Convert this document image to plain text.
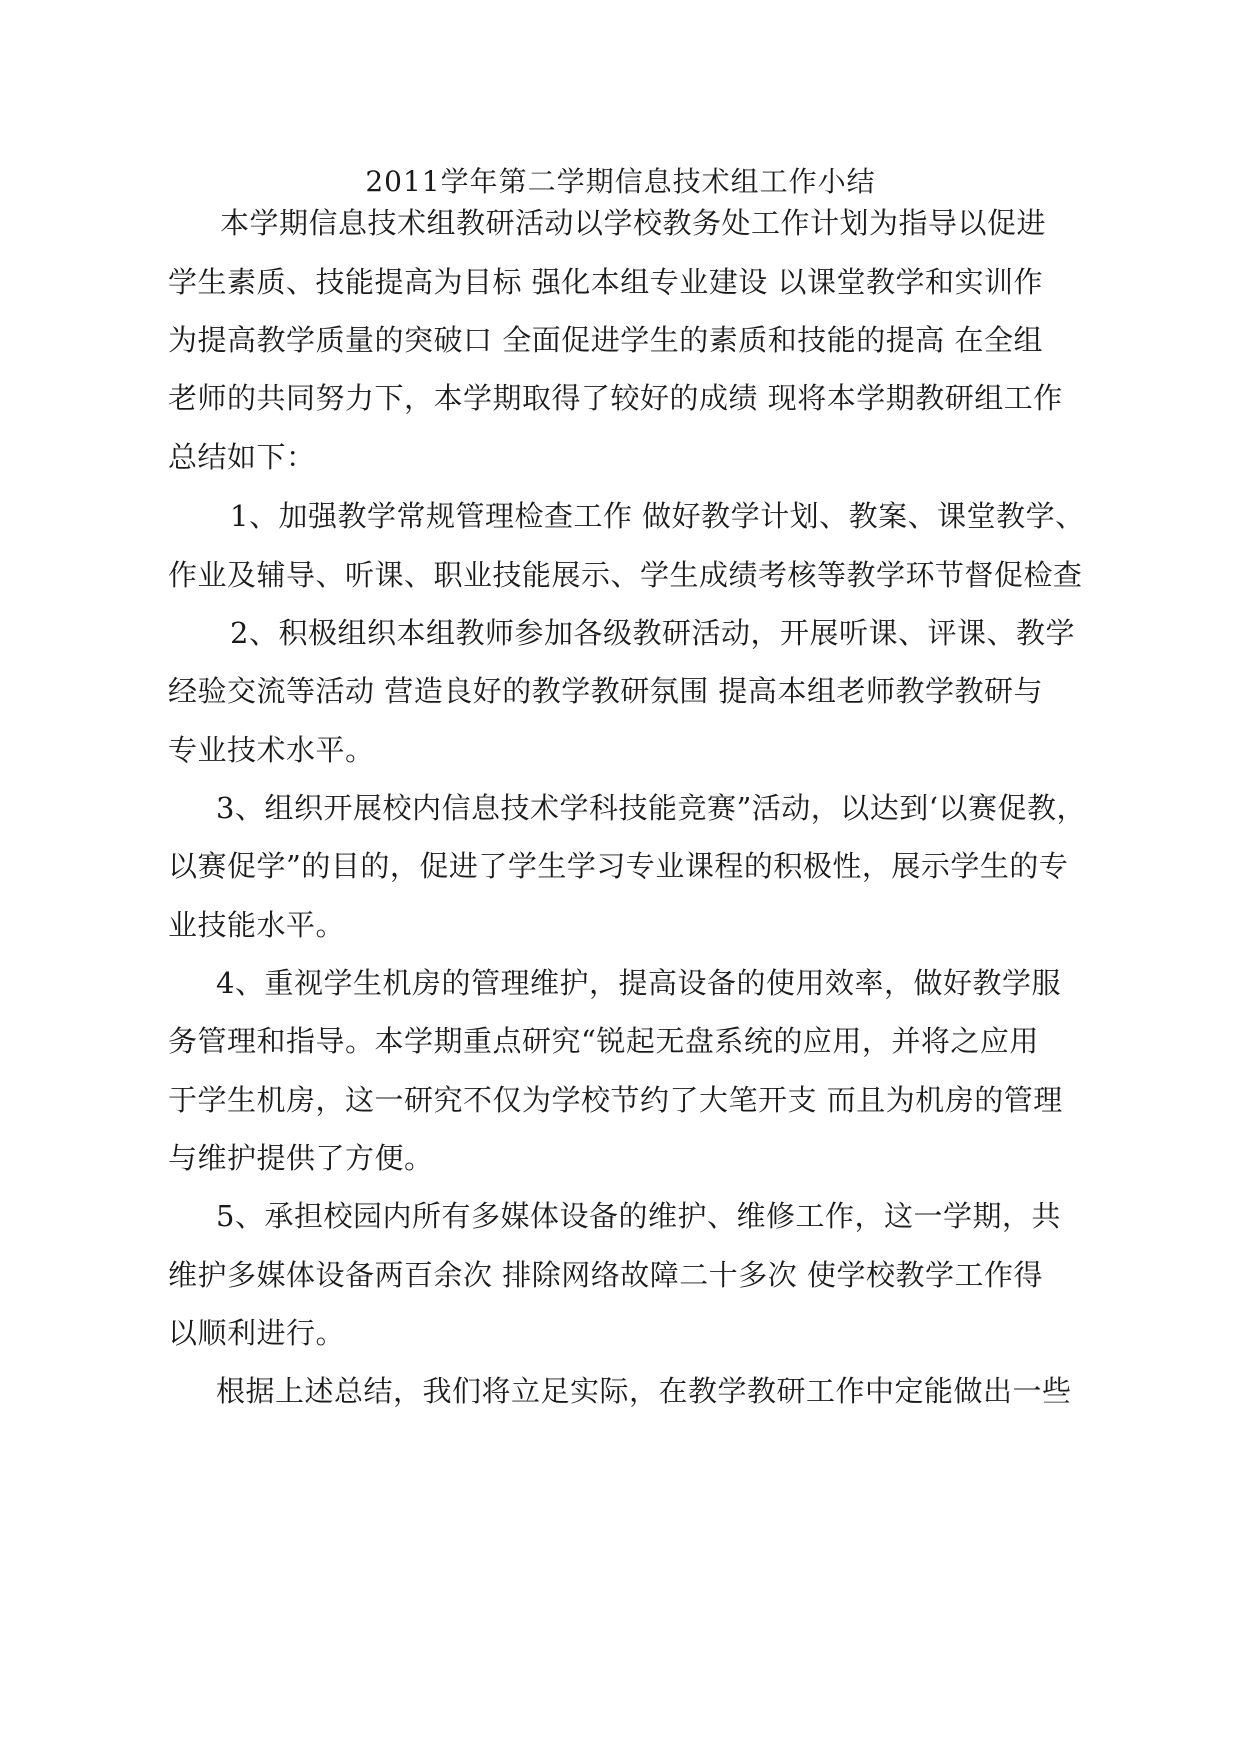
2011学年第二学期信息技术组工作小结
本学期信息技术组教研活动以学校教务处工作计划为指导以促进
学生素质、技能提高为目标 强化本组专业建设 以课堂教学和实训作
为提高教学质量的突破口 全面促进学生的素质和技能的提高 在全组
老师的共同努力下，本学期取得了较好的成绩 现将本学期教研组工作
总结如下：
1、加强教学常规管理检查工作 做好教学计划、教案、课堂教学、
作业及辅导、听课、职业技能展示、学生成绩考核等教学环节督促检查
2、积极组织本组教师参加各级教研活动，开展听课、评课、教学
经验交流等活动 营造良好的教学教研氛围 提高本组老师教学教研与
专业技术水平。
3、组织开展校内信息技术学科技能竞赛”活动，以达到‘以赛促教，
以赛促学”的目的，促进了学生学习专业课程的积极性，展示学生的专
业技能水平。
4、重视学生机房的管理维护，提高设备的使用效率，做好教学服
务管理和指导。本学期重点研究“锐起无盘系统的应用，并将之应用
于学生机房，这一研究不仅为学校节约了大笔开支 而且为机房的管理
与维护提供了方便。
5、承担校园内所有多媒体设备的维护、维修工作，这一学期，共
维护多媒体设备两百余次 排除网络故障二十多次 使学校教学工作得
以顺利进行。
根据上述总结，我们将立足实际，在教学教研工作中定能做出一些
